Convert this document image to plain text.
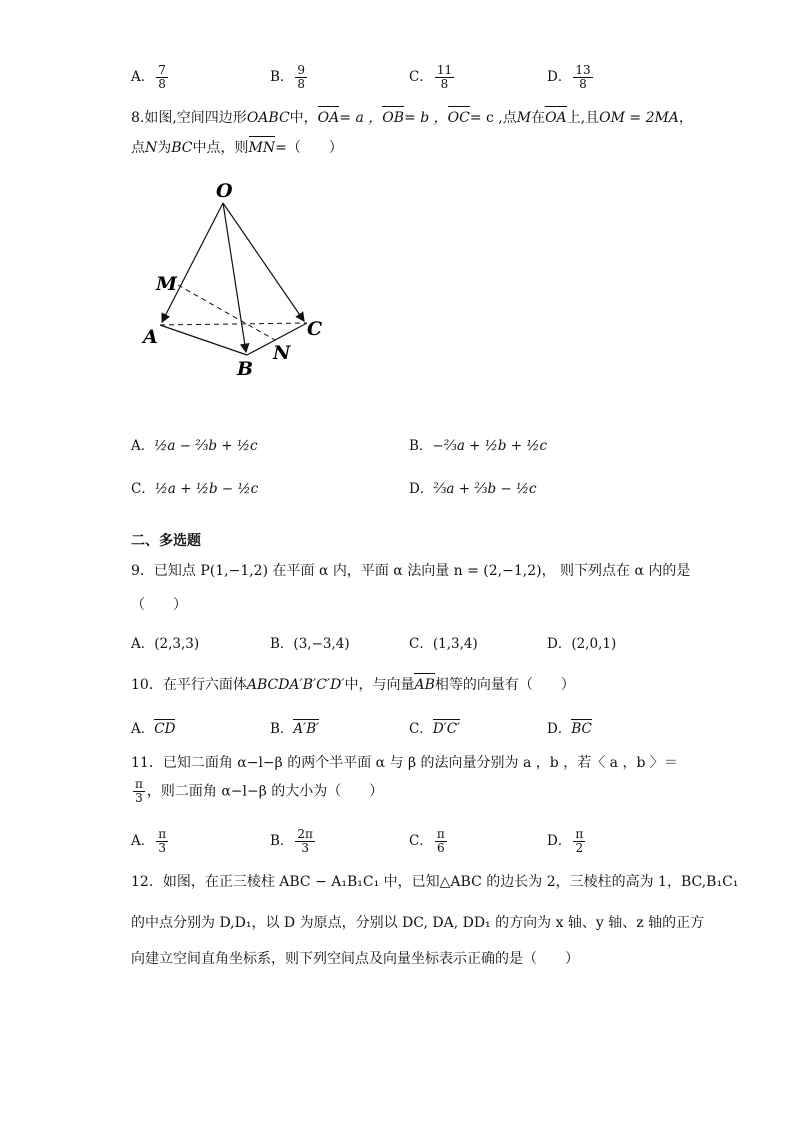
A． $\frac{7}{8}$	B． $\frac{9}{8}$	C． $\frac{11}{8}$	D． $\frac{13}{8}$
8.如图,空间四边形OABC中，OA= a ，OB= b ，OC= c ,点M在OA上,且OM = 2MA，
点N为BC中点，则MN=（　　）
O
M
A
B
C
N
A．½a − ⅔b + ½c	B．−⅔a + ½b + ½c
C．½a + ½b − ½c	D．⅔a + ⅔b − ½c
二、多选题
9．已知点 P(1,−1,2) 在平面 α 内，平面 α 法向量 n = (2,−1,2)， 则下列点在 α 内的是
（　　）
A．(2,3,3)	B．(3,−3,4)	C．(1,3,4)	D．(2,0,1)
10．在平行六面体ABCDA′B′C′D′中，与向量AB相等的向量有（　　）
A．CD	B．A′B′	C．D′C′	D．BC
11．已知二面角 α−l−β 的两个半平面 α 与 β 的法向量分别为 a ，b ，若〈 a ，b 〉＝
$\frac{\pi}{3}$ ，则二面角 α−l−β 的大小为（　　）
A． $\frac{\pi}{3}$	B． $\frac{2\pi}{3}$	C． $\frac{\pi}{6}$	D． $\frac{\pi}{2}$
12．如图，在正三棱柱 ABC − A₁B₁C₁ 中，已知△ABC 的边长为 2，三棱柱的高为 1，BC,B₁C₁
的中点分别为 D,D₁，以 D 为原点，分别以 DC, DA, DD₁ 的方向为 x 轴、y 轴、z 轴的正方
向建立空间直角坐标系，则下列空间点及向量坐标表示正确的是（　　）
